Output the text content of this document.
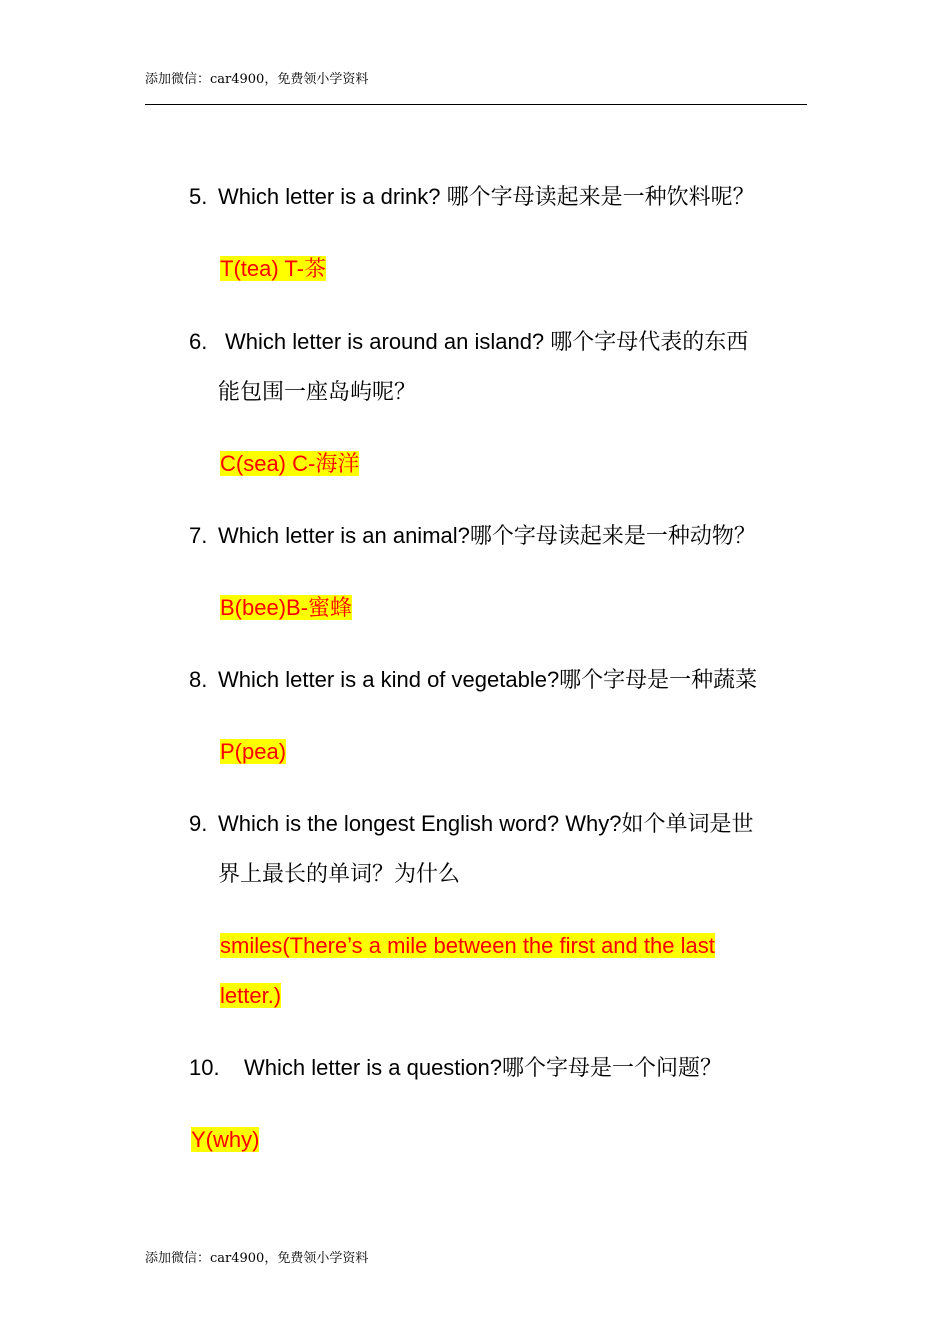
添加微信：car4900，免费领小学资料
5. Which letter is a drink? 哪个字母读起来是一种饮料呢？
T(tea) T-茶
6. Which letter is around an island? 哪个字母代表的东西
能包围一座岛屿呢？
C(sea) C-海洋
7. Which letter is an animal?哪个字母读起来是一种动物？
B(bee)B-蜜蜂
8. Which letter is a kind of vegetable?哪个字母是一种蔬菜
P(pea)
9. Which is the longest English word? Why?如个单词是世
界上最长的单词？为什么
smiles(There’s a mile between the first and the last
letter.)
10. Which letter is a question?哪个字母是一个问题？
Y(why)
添加微信：car4900，免费领小学资料
